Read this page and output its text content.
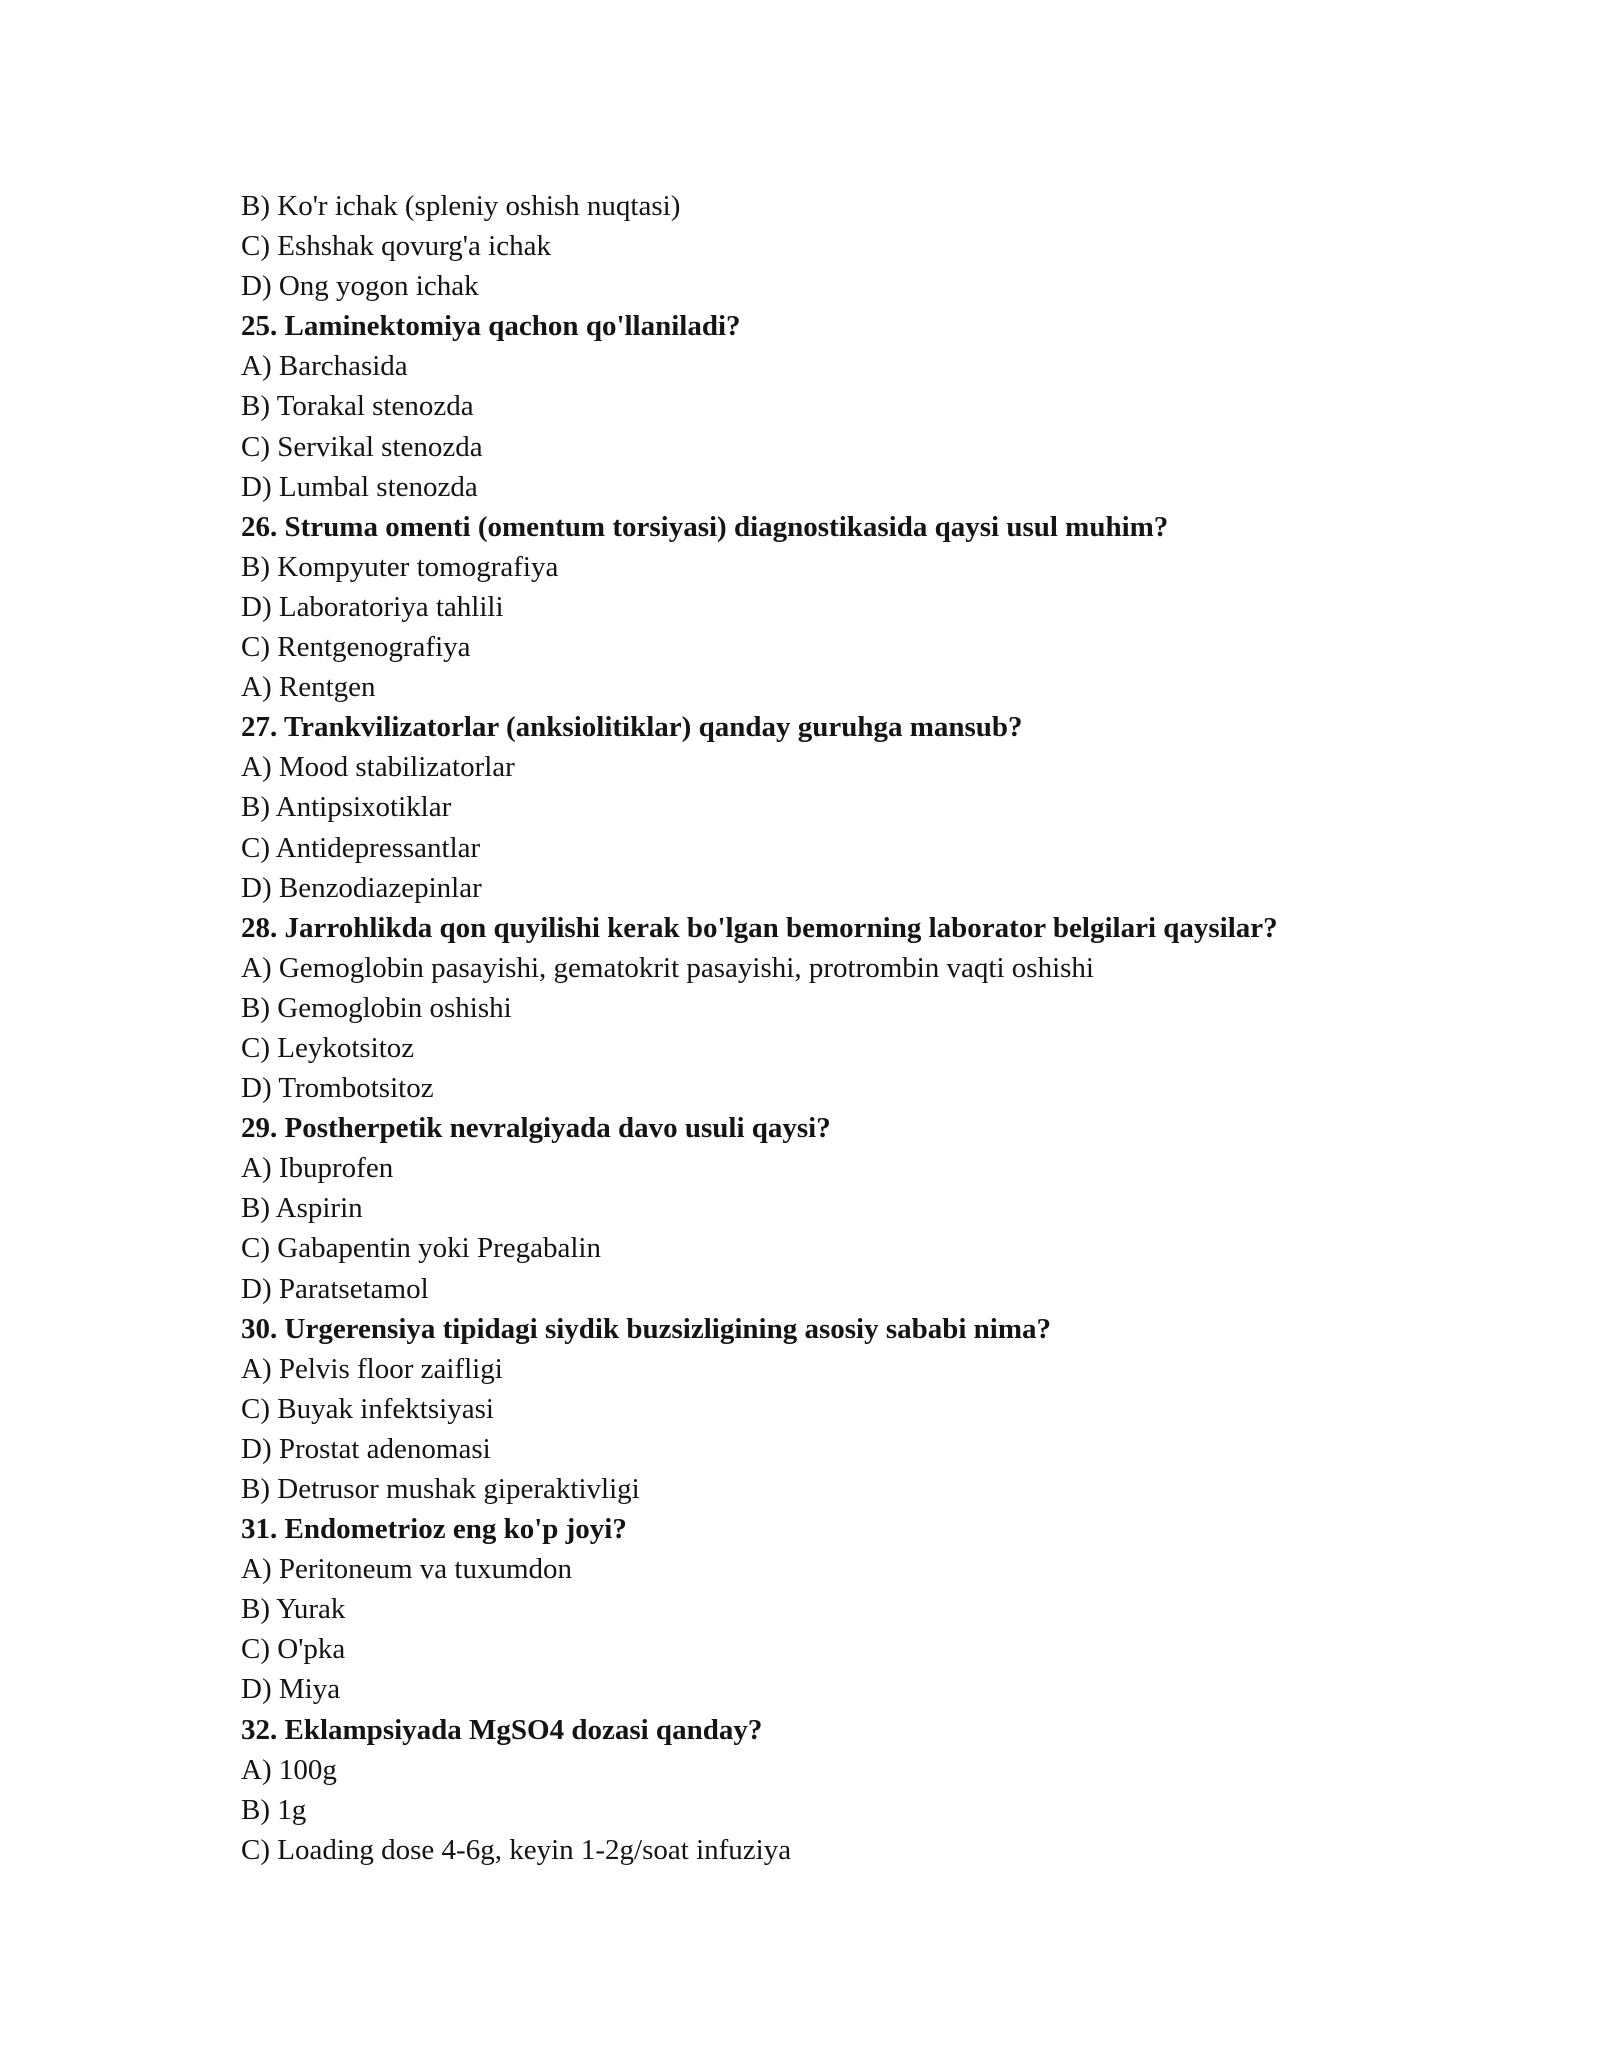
B) Ko'r ichak (spleniy oshish nuqtasi)
C) Eshshak qovurg'a ichak
D) Ong yogon ichak
25. Laminektomiya qachon qo'llaniladi?
A) Barchasida
B) Torakal stenozda
C) Servikal stenozda
D) Lumbal stenozda
26. Struma omenti (omentum torsiyasi) diagnostikasida qaysi usul muhim?
B) Kompyuter tomografiya
D) Laboratoriya tahlili
C) Rentgenografiya
A) Rentgen
27. Trankvilizatorlar (anksiolitiklar) qanday guruhga mansub?
A) Mood stabilizatorlar
B) Antipsixotiklar
C) Antidepressantlar
D) Benzodiazepinlar
28. Jarrohlikda qon quyilishi kerak bo'lgan bemorning laborator belgilari qaysilar?
A) Gemoglobin pasayishi, gematokrit pasayishi, protrombin vaqti oshishi
B) Gemoglobin oshishi
C) Leykotsitoz
D) Trombotsitoz
29. Postherpetik nevralgiyada davo usuli qaysi?
A) Ibuprofen
B) Aspirin
C) Gabapentin yoki Pregabalin
D) Paratsetamol
30. Urgerensiya tipidagi siydik buzsizligining asosiy sababi nima?
A) Pelvis floor zaifligi
C) Buyak infektsiyasi
D) Prostat adenomasi
B) Detrusor mushak giperaktivligi
31. Endometrioz eng ko'p joyi?
A) Peritoneum va tuxumdon
B) Yurak
C) O'pka
D) Miya
32. Eklampsiyada MgSO4 dozasi qanday?
A) 100g
B) 1g
C) Loading dose 4-6g, keyin 1-2g/soat infuziya
